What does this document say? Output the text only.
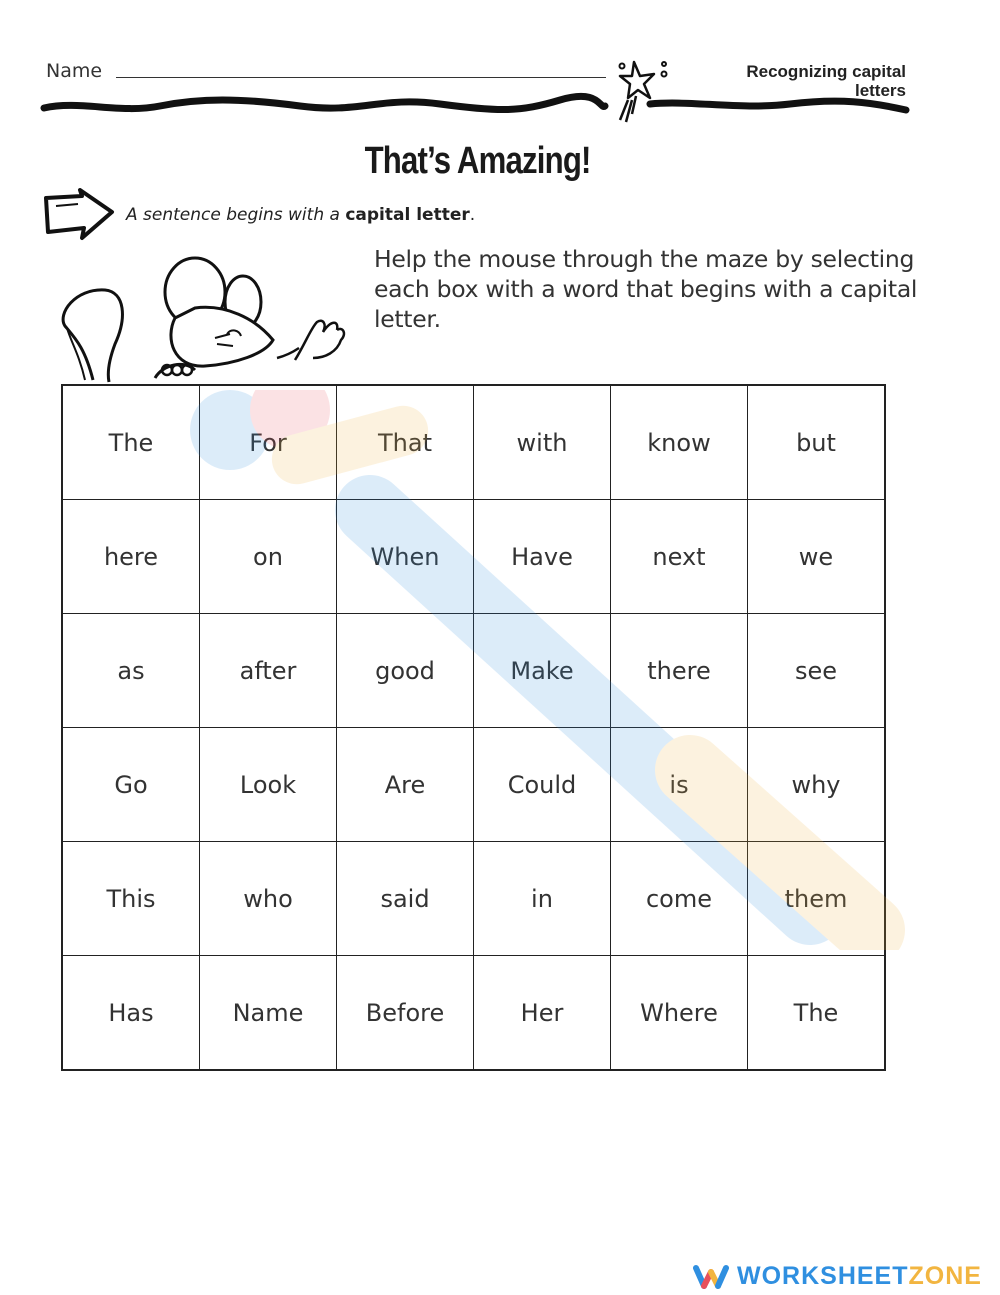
Name	Recognizing capital
letters
That’s Amazing!
A sentence begins with a capital letter.
Help the mouse through the maze by selecting each box with a word that begins with a capital letter.
The	For	That	with	know	but
here	on	When	Have	next	we
as	after	good	Make	there	see
Go	Look	Are	Could	is	why
This	who	said	in	come	them
Has	Name	Before	Her	Where	The
WORKSHEETZONE
